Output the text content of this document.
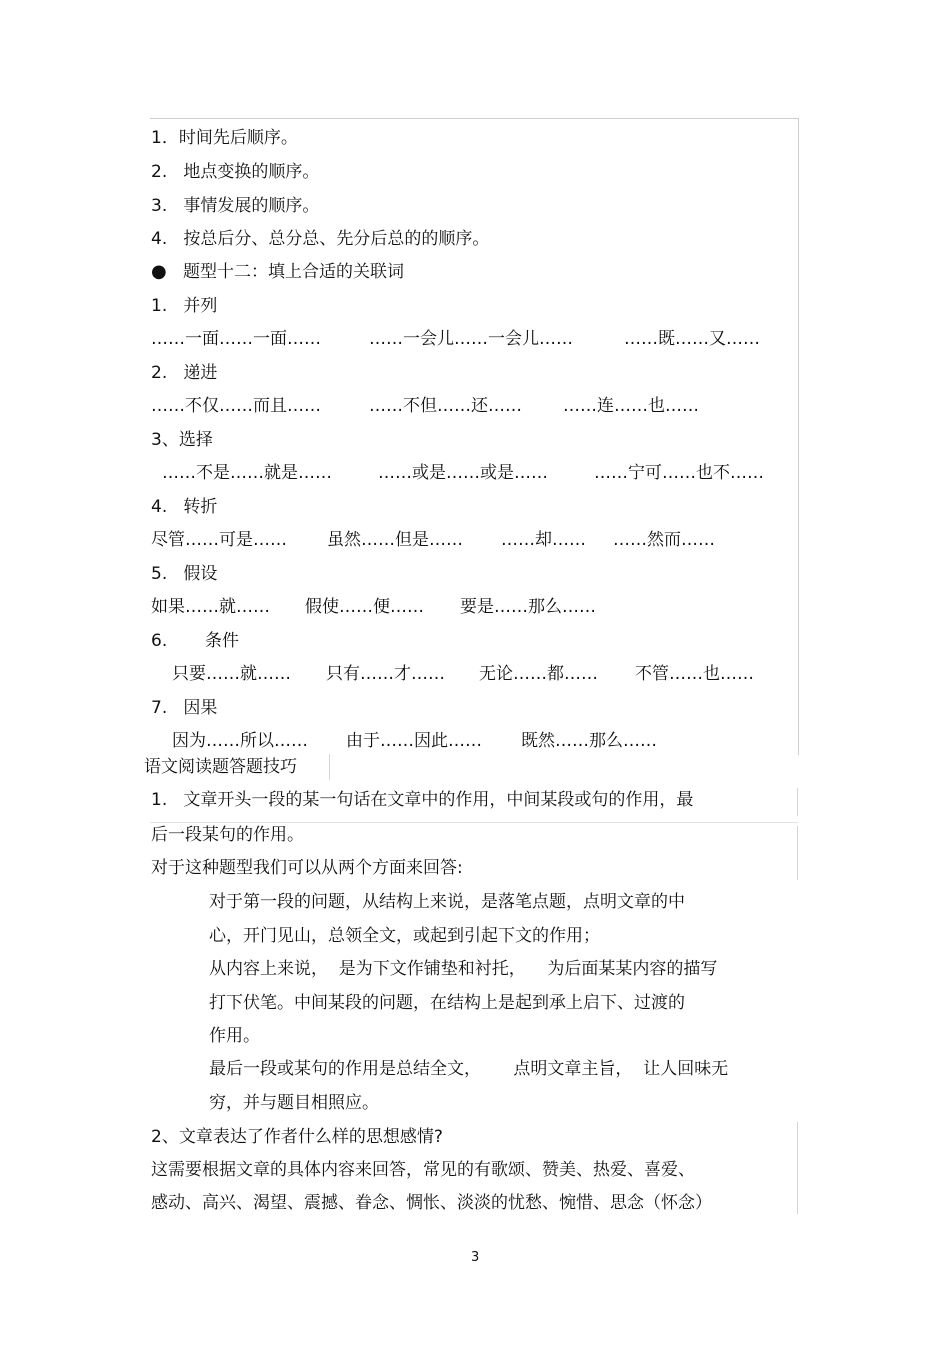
1．时间先后顺序。
2.   地点变换的顺序。
3.   事情发展的顺序。
4.   按总后分、总分总、先分后总的的顺序。
● 题型十二：填上合适的关联词
1.   并列
……一面……一面……	……一会儿……一会儿……	……既……又……
2.   递进
……不仅……而且……	……不但……还…… ……连……也……
3、选择
……不是……就是……	……或是……或是……	……宁可……也不……
4.   转折
尽管……可是…… 虽然……但是…… ……却…… ……然而……
5.   假设
如果……就…… 假使……便…… 要是……那么……
6.       条件
只要……就…… 只有……才…… 无论……都…… 不管……也……
7.   因果
因为……所以…… 由于……因此…… 既然……那么……
语文阅读题答题技巧
1.   文章开头一段的某一句话在文章中的作用，中间某段或句的作用，最
后一段某句的作用。
对于这种题型我们可以从两个方面来回答:
对于第一段的问题，从结构上来说，是落笔点题，点明文章的中
心，开门见山，总领全文，或起到引起下文的作用；
从内容上来说，  是为下文作铺垫和衬托，    为后面某某内容的描写
打下伏笔。中间某段的问题，在结构上是起到承上启下、过渡的
作用。
最后一段或某句的作用是总结全文，      点明文章主旨，  让人回味无
穷，并与题目相照应。
2、文章表达了作者什么样的思想感情?
这需要根据文章的具体内容来回答，常见的有歌颂、赞美、热爱、喜爱、
感动、高兴、渴望、震撼、眷念、惆怅、淡淡的忧愁、惋惜、思念（怀念）
3
